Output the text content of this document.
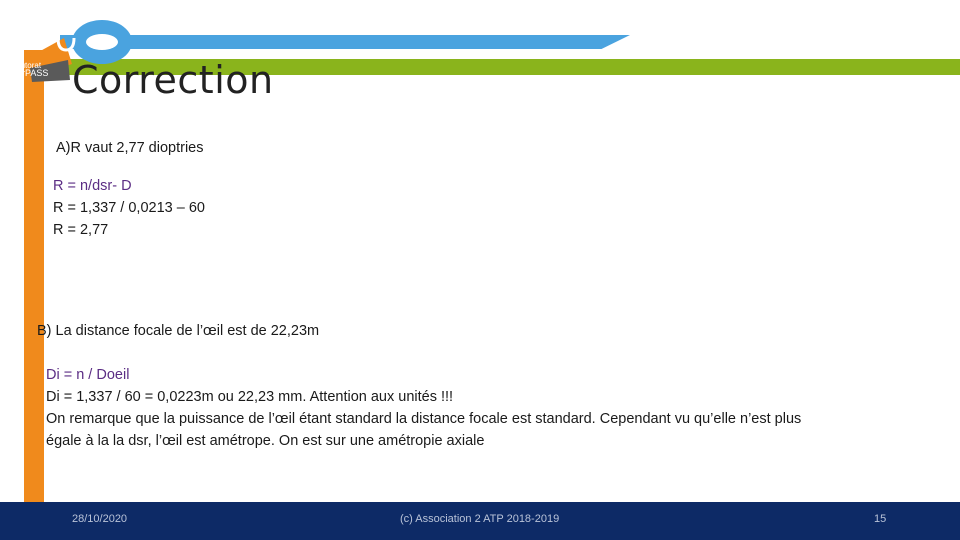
Tutorat
plurPASS Correction
A)R vaut 2,77 dioptries
R = n/dsr- D
R = 1,337 / 0,0213 – 60
R = 2,77
B) La distance focale de l’œil est de 22,23m
Di = n / Doeil
Di = 1,337 / 60 = 0,0223m ou 22,23 mm. Attention aux unités !!!
On remarque que la puissance de l’œil étant standard la distance focale est standard. Cependant vu qu’elle n’est plus
égale à la la dsr, l’œil est amétrope. On est sur une amétropie axiale
28/10/2020	(c) Association 2 ATP 2018-2019	15
